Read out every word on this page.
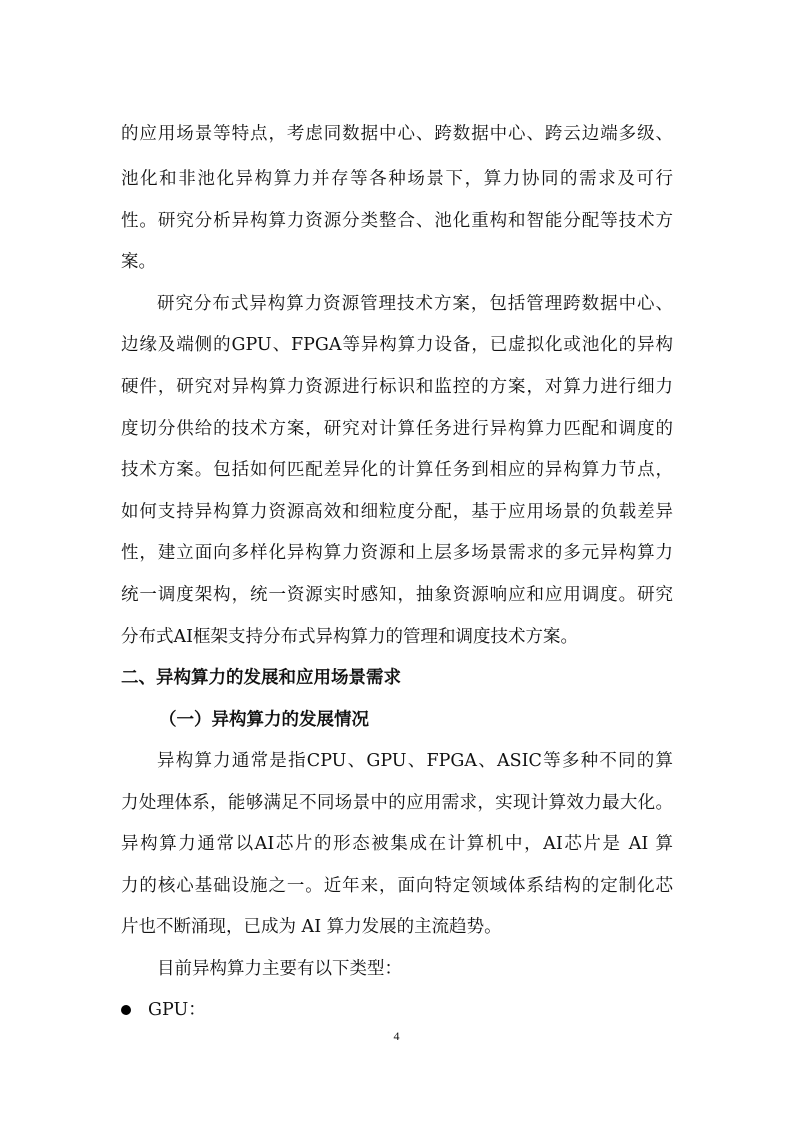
的应用场景等特点，考虑同数据中心、跨数据中心、跨云边端多级、
池化和非池化异构算力并存等各种场景下，算力协同的需求及可行
性。研究分析异构算力资源分类整合、池化重构和智能分配等技术方
案。
研究分布式异构算力资源管理技术方案，包括管理跨数据中心、
边缘及端侧的GPU、FPGA等异构算力设备，已虚拟化或池化的异构
硬件，研究对异构算力资源进行标识和监控的方案，对算力进行细力
度切分供给的技术方案，研究对计算任务进行异构算力匹配和调度的
技术方案。包括如何匹配差异化的计算任务到相应的异构算力节点，
如何支持异构算力资源高效和细粒度分配，基于应用场景的负载差异
性，建立面向多样化异构算力资源和上层多场景需求的多元异构算力
统一调度架构，统一资源实时感知，抽象资源响应和应用调度。研究
分布式AI框架支持分布式异构算力的管理和调度技术方案。
二、异构算力的发展和应用场景需求
（一）异构算力的发展情况
异构算力通常是指CPU、GPU、FPGA、ASIC等多种不同的算
力处理体系，能够满足不同场景中的应用需求，实现计算效力最大化。
异构算力通常以AI芯片的形态被集成在计算机中，AI芯片是 AI 算
力的核心基础设施之一。近年来，面向特定领域体系结构的定制化芯
片也不断涌现，已成为 AI 算力发展的主流趋势。
目前异构算力主要有以下类型：
GPU：
4
